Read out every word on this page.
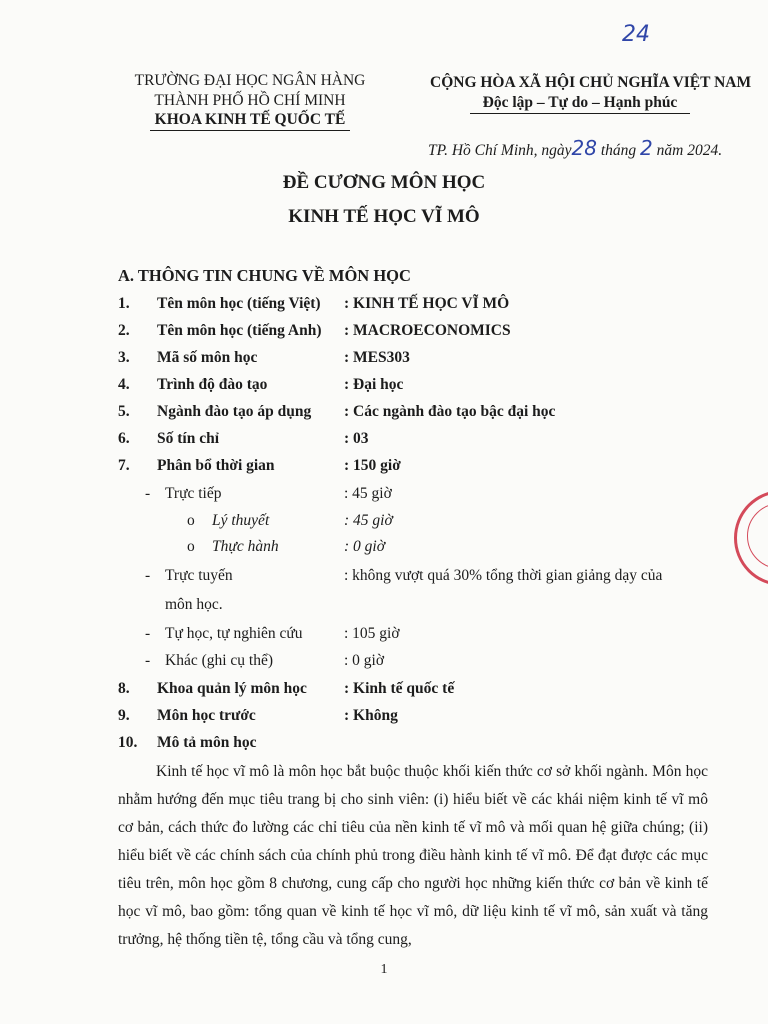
24
TRƯỜNG ĐẠI HỌC NGÂN HÀNG
THÀNH PHỐ HỒ CHÍ MINH
KHOA KINH TẾ QUỐC TẾ
CỘNG HÒA XÃ HỘI CHỦ NGHĨA VIỆT NAM
Độc lập – Tự do – Hạnh phúc
TP. Hồ Chí Minh, ngày28 tháng 2 năm 2024.
ĐỀ CƯƠNG MÔN HỌC
KINH TẾ HỌC VĨ MÔ
A. THÔNG TIN CHUNG VỀ MÔN HỌC
1. Tên môn học (tiếng Việt) : KINH TẾ HỌC VĨ MÔ
2. Tên môn học (tiếng Anh) : MACROECONOMICS
3. Mã số môn học	: MES303
4. Trình độ đào tạo	: Đại học
5. Ngành đào tạo áp dụng : Các ngành đào tạo bậc đại học
6. Số tín chỉ	: 03
7. Phân bổ thời gian	: 150 giờ
- Trực tiếp	: 45 giờ
o Lý thuyết	: 45 giờ
o Thực hành	: 0 giờ
- Trực tuyến	: không vượt quá 30% tổng thời gian giảng dạy của
môn học.
- Tự học, tự nghiên cứu	: 105 giờ
- Khác (ghi cụ thể)	: 0 giờ
8. Khoa quản lý môn học : Kinh tế quốc tế
9. Môn học trước	: Không
10. Mô tả môn học
Kinh tế học vĩ mô là môn học bắt buộc thuộc khối kiến thức cơ sở khối ngành. Môn học nhằm hướng đến mục tiêu trang bị cho sinh viên: (i) hiểu biết về các khái niệm kinh tế vĩ mô cơ bản, cách thức đo lường các chỉ tiêu của nền kinh tế vĩ mô và mối quan hệ giữa chúng; (ii) hiểu biết về các chính sách của chính phủ trong điều hành kinh tế vĩ mô. Để đạt được các mục tiêu trên, môn học gồm 8 chương, cung cấp cho người học những kiến thức cơ bản về kinh tế học vĩ mô, bao gồm: tổng quan về kinh tế học vĩ mô, dữ liệu kinh tế vĩ mô, sản xuất và tăng trưởng, hệ thống tiền tệ, tổng cầu và tổng cung,
1
